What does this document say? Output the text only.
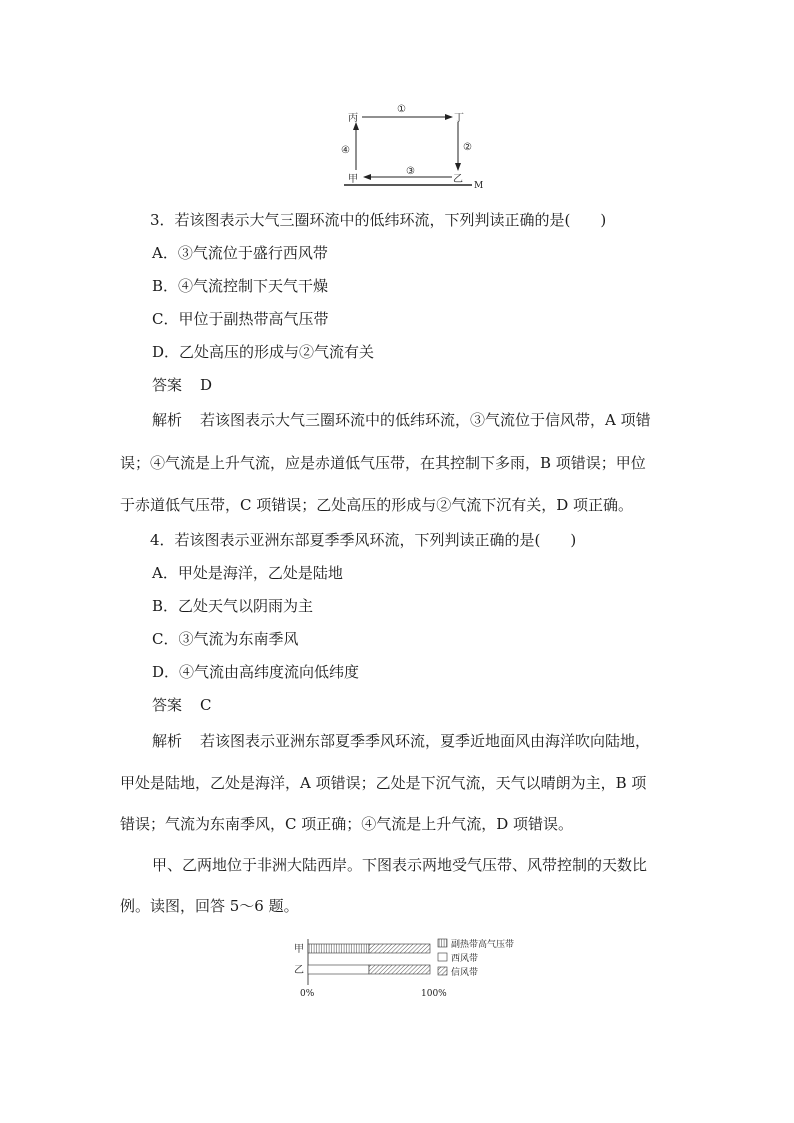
丙	丁
甲	乙
M
①
②
③
④
3．若该图表示大气三圈环流中的低纬环流，下列判读正确的是(　　)
A．③气流位于盛行西风带
B．④气流控制下天气干燥
C．甲位于副热带高气压带
D．乙处高压的形成与②气流有关
答案 D
解析 若该图表示大气三圈环流中的低纬环流，③气流位于信风带，A 项错
误；④气流是上升气流，应是赤道低气压带，在其控制下多雨，B 项错误；甲位
于赤道低气压带，C 项错误；乙处高压的形成与②气流下沉有关，D 项正确。
4．若该图表示亚洲东部夏季季风环流，下列判读正确的是(　　)
A．甲处是海洋，乙处是陆地
B．乙处天气以阴雨为主
C．③气流为东南季风
D．④气流由高纬度流向低纬度
答案 C
解析 若该图表示亚洲东部夏季季风环流，夏季近地面风由海洋吹向陆地，
甲处是陆地，乙处是海洋，A 项错误；乙处是下沉气流，天气以晴朗为主，B 项
错误；气流为东南季风，C 项正确；④气流是上升气流，D 项错误。
甲、乙两地位于非洲大陆西岸。下图表示两地受气压带、风带控制的天数比
例。读图，回答 5～6 题。
甲
乙
副热带高气压带
西风带
信风带
0%	100%
